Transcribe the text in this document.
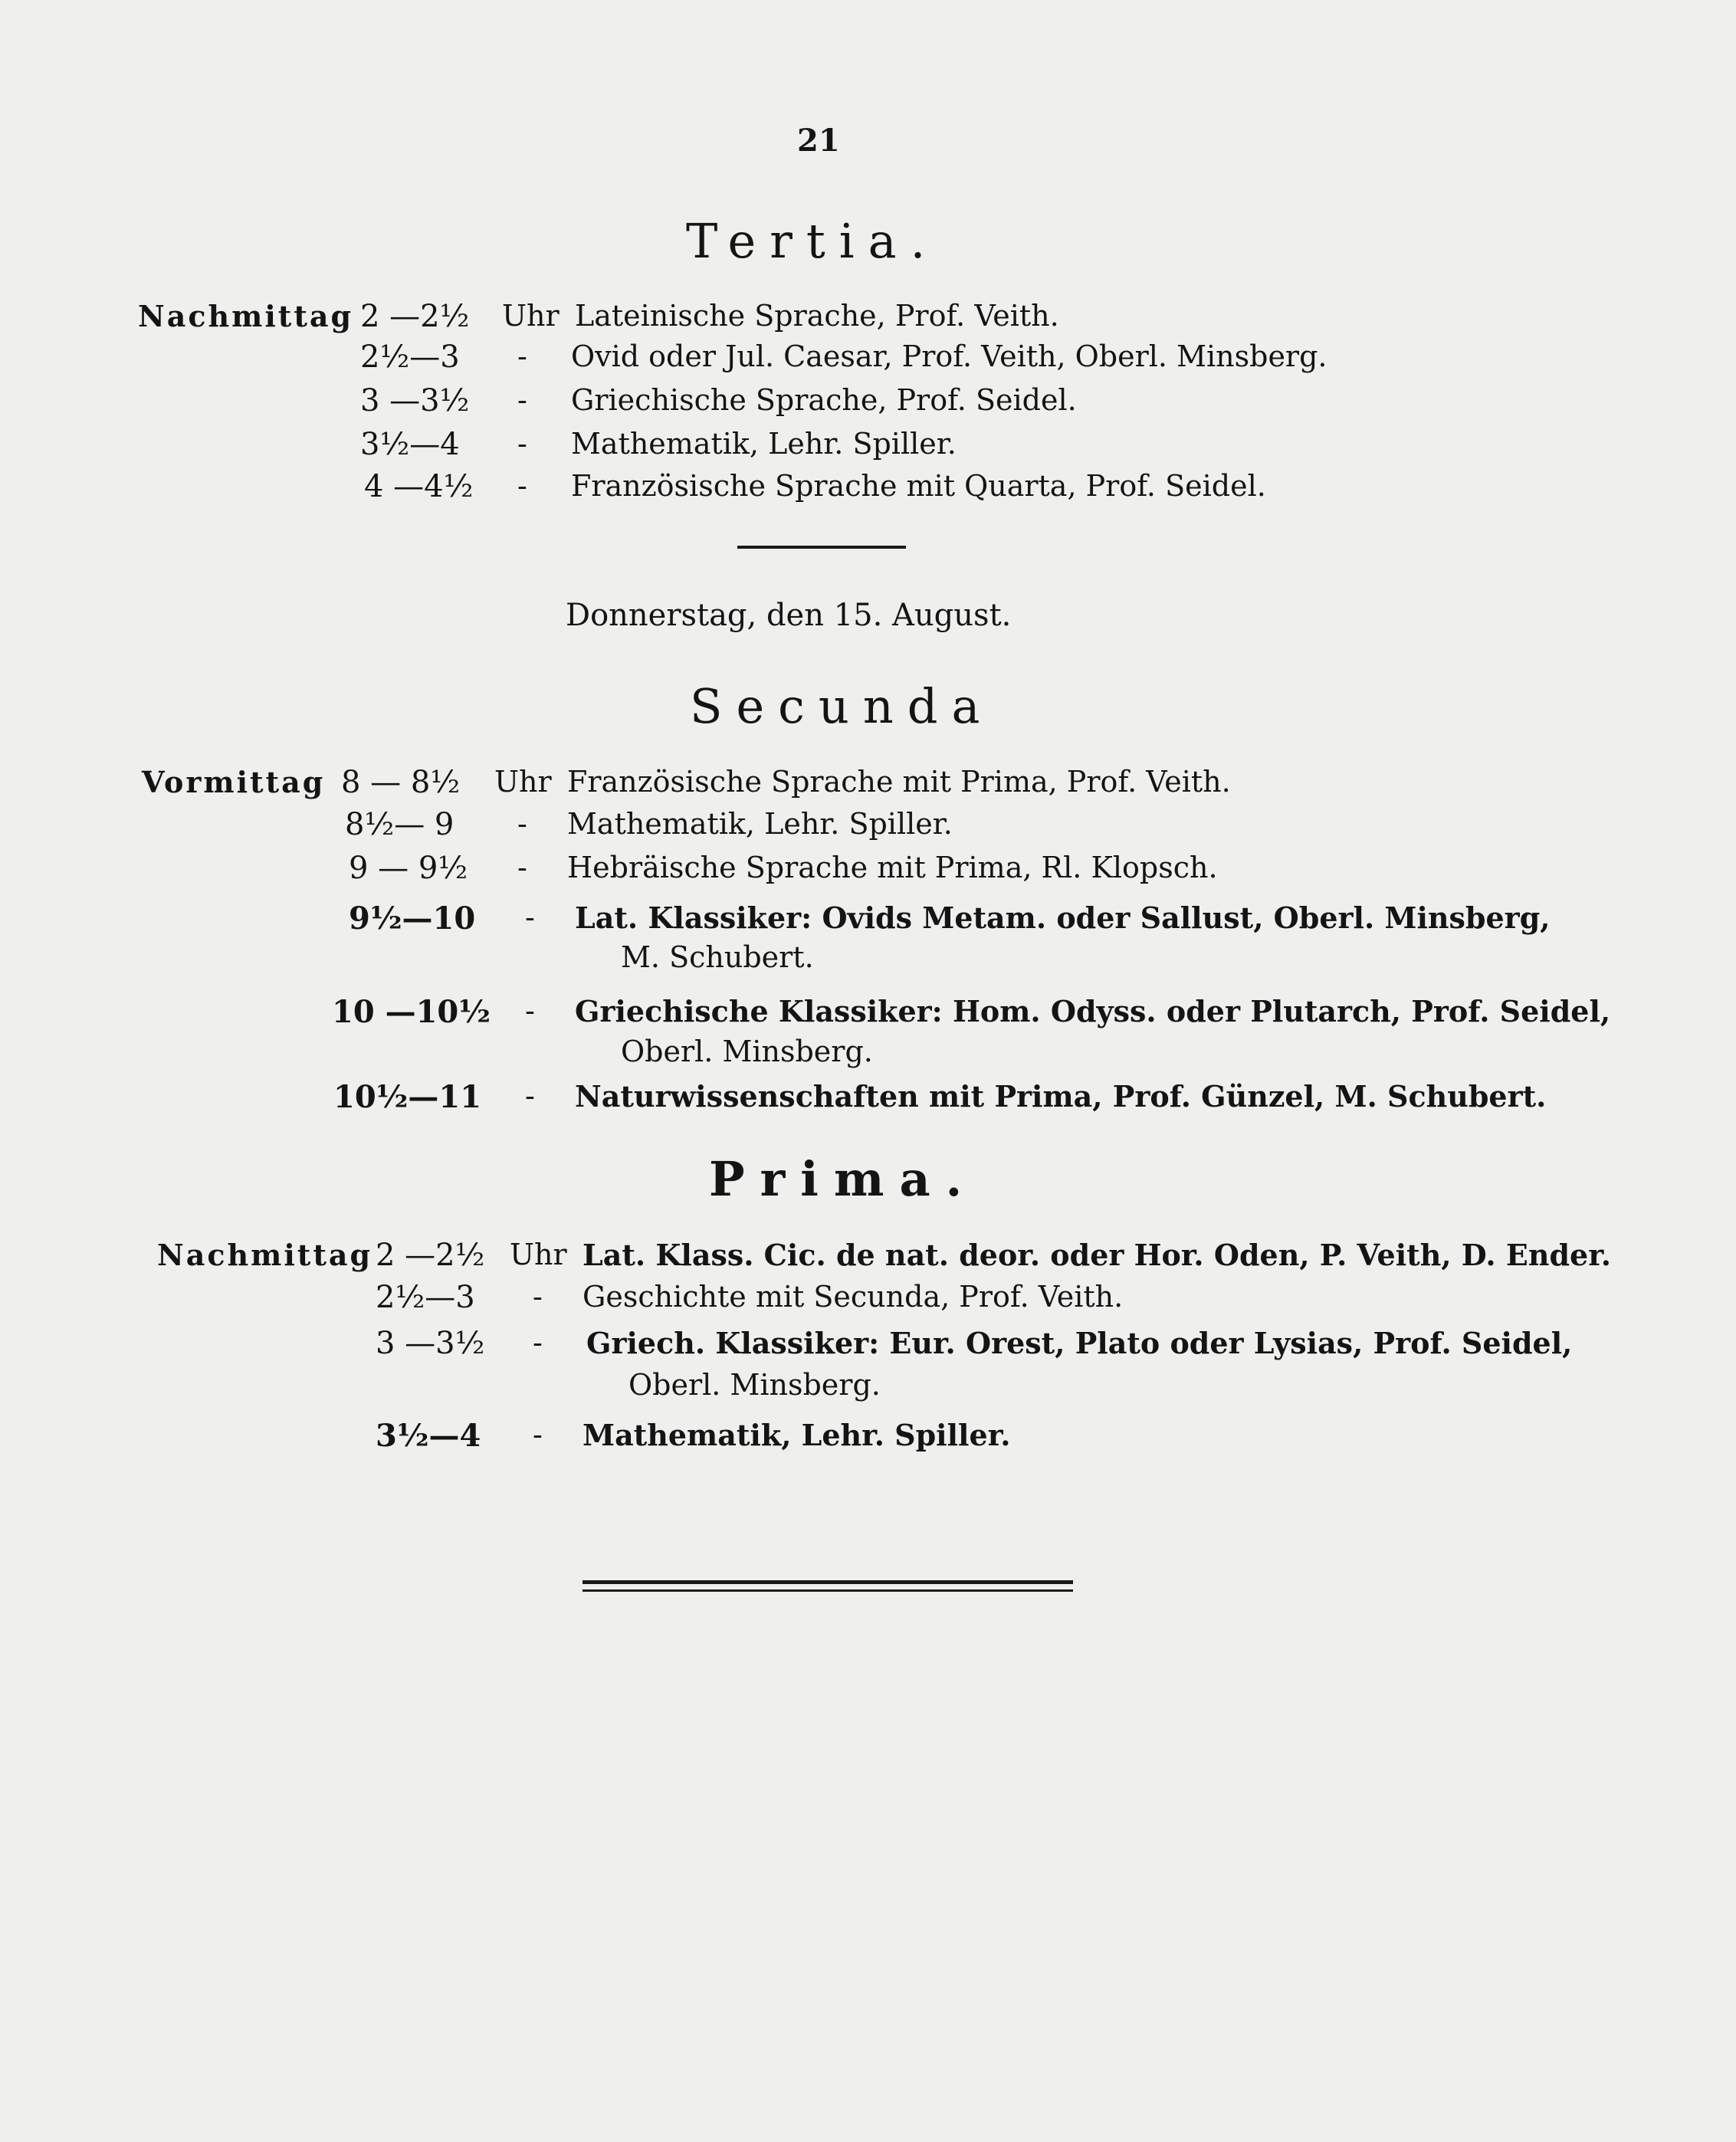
21
Tertia.
Nachmittag 2 —2½ Uhr Lateinische Sprache, Prof. Veith.
2½—3 - Ovid oder Jul. Caesar, Prof. Veith, Oberl. Minsberg.
3 —3½ - Griechische Sprache, Prof. Seidel.
3½—4 - Mathematik, Lehr. Spiller.
4 —4½ - Französische Sprache mit Quarta, Prof. Seidel.
Donnerstag, den 15. August.
Secunda
Vormittag 8 — 8½ Uhr Französische Sprache mit Prima, Prof. Veith.
8½— 9 - Mathematik, Lehr. Spiller.
9 — 9½ - Hebräische Sprache mit Prima, Rl. Klopsch.
9½—10 - Lat. Klassiker: Ovids Metam. oder Sallust, Oberl. Minsberg,
M. Schubert.
10 —10½ - Griechische Klassiker: Hom. Odyss. oder Plutarch, Prof. Seidel,
Oberl. Minsberg.
10½—11 - Naturwissenschaften mit Prima, Prof. Günzel, M. Schubert.
Prima.
Nachmittag 2 —2½ Uhr Lat. Klass. Cic. de nat. deor. oder Hor. Oden, P. Veith, D. Ender.
2½—3 - Geschichte mit Secunda, Prof. Veith.
3 —3½ - Griech. Klassiker: Eur. Orest, Plato oder Lysias, Prof. Seidel,
Oberl. Minsberg.
3½—4 - Mathematik, Lehr. Spiller.
